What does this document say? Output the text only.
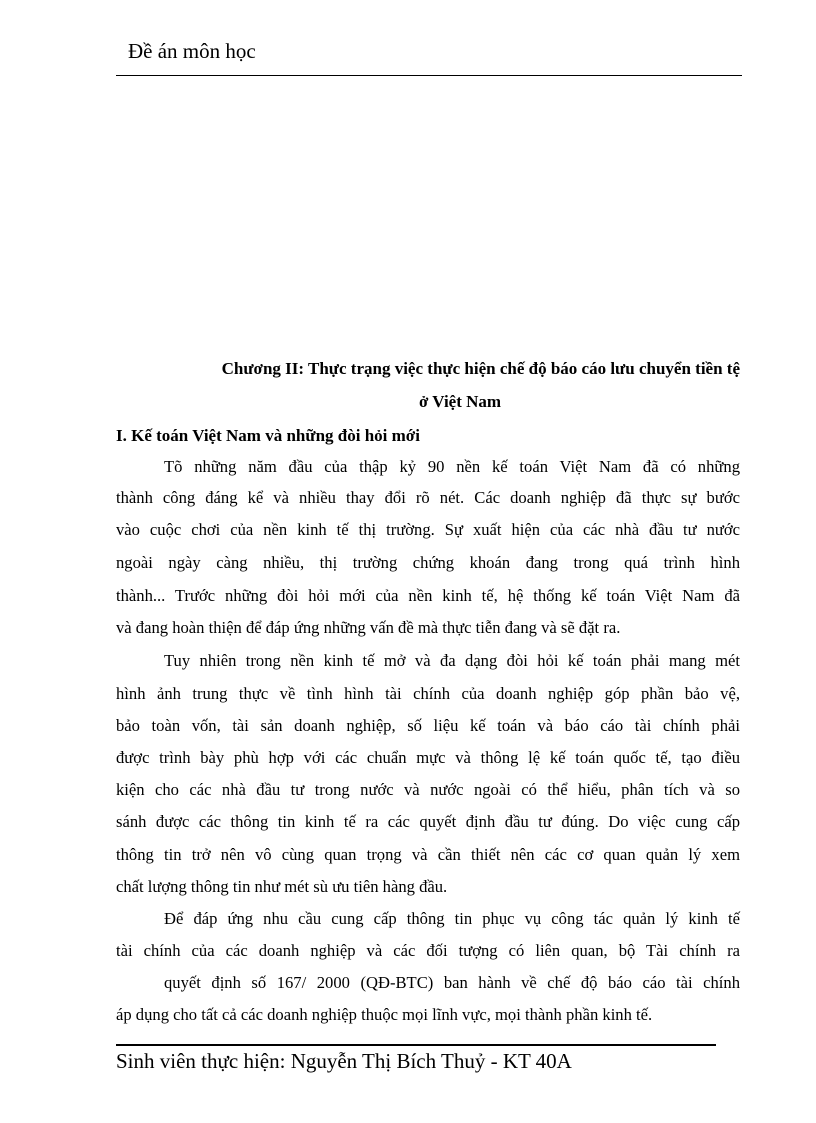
Đề án môn học
Chương II: Thực trạng việc thực hiện chế độ báo cáo lưu chuyển tiền tệ
ở Việt Nam
I. Kế toán Việt Nam và những đòi hỏi mới
Tõ những năm đầu của thập kỷ 90 nền kế toán Việt Nam đã có những
thành công đáng kể và nhiều thay đổi rõ nét. Các doanh nghiệp đã thực sự bước
vào cuộc chơi của nền kinh tế thị trường. Sự xuất hiện của các nhà đầu tư nước
ngoài ngày càng nhiều, thị trường chứng khoán đang trong quá trình hình
thành... Trước những đòi hỏi mới của nền kinh tế, hệ thống kế toán Việt Nam đã
và đang hoàn thiện để đáp ứng những vấn đề mà thực tiễn đang và sẽ đặt ra.
Tuy nhiên trong nền kinh tế mở và đa dạng đòi hỏi kế toán phải mang mét
hình ảnh trung thực về tình hình tài chính của doanh nghiệp góp phần bảo vệ,
bảo toàn vốn, tài sản doanh nghiệp, số liệu kế toán và báo cáo tài chính phải
được trình bày phù hợp với các chuẩn mực và thông lệ kế toán quốc tế, tạo điều
kiện cho các nhà đầu tư trong nước và nước ngoài có thể hiểu, phân tích và so
sánh được các thông tin kinh tế ra các quyết định đầu tư đúng. Do việc cung cấp
thông tin trở nên vô cùng quan trọng và cần thiết nên các cơ quan quản lý xem
chất lượng thông tin như mét sù ưu tiên hàng đầu.
Để đáp ứng nhu cầu cung cấp thông tin phục vụ công tác quản lý kinh tế
tài chính của các doanh nghiệp và các đối tượng có liên quan, bộ Tài chính ra
quyết định số 167/ 2000 (QĐ-BTC) ban hành về chế độ báo cáo tài chính
áp dụng cho tất cả các doanh nghiệp thuộc mọi lĩnh vực, mọi thành phần kinh tế.
Sinh viên thực hiện: Nguyễn Thị Bích Thuỷ - KT 40A
